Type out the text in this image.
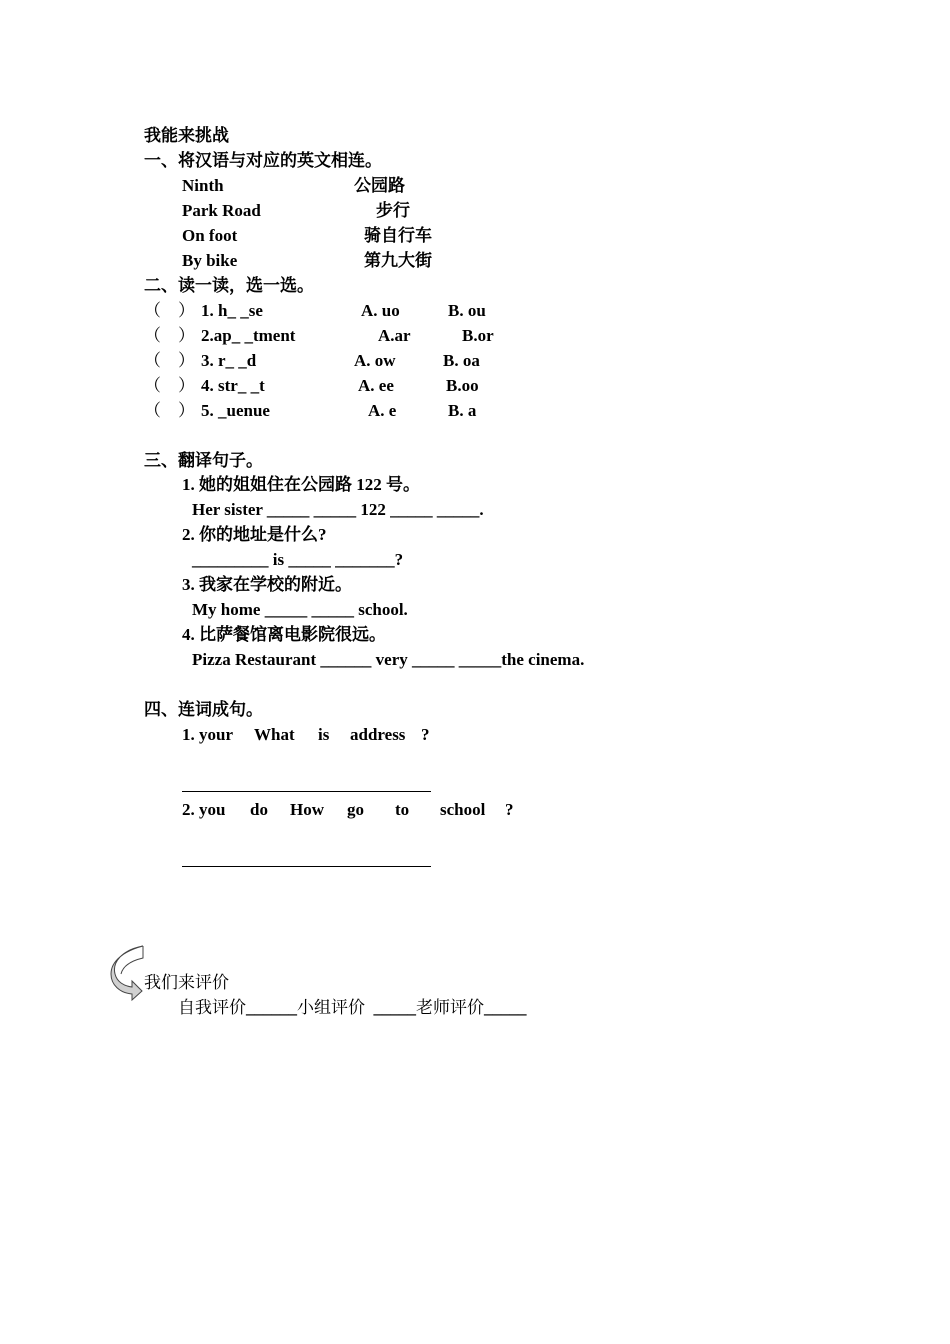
我能来挑战
一、将汉语与对应的英文相连。
Ninth	公园路
Park Road	步行
On foot	骑自行车
By bike	第九大街
二、读一读，选一选。
（    ） 1. h_ _se	A. uo	B. ou
（    ） 2.ap_ _tment	A.ar	B.or
（    ） 3. r_ _d	A. ow	B. oa
（    ） 4. str_ _t	A. ee	B.oo
（    ） 5. _uenue	A. e	B. a
三、翻译句子。
1. 她的姐姐住在公园路 122 号。
Her sister _____ _____ 122 _____ _____.
2. 你的地址是什么?
_________ is _____ _______?
3. 我家在学校的附近。
My home _____ _____ school.
4. 比萨餐馆离电影院很远。
Pizza Restaurant ______ very _____ _____the cinema.
四、连词成句。
1. your What is address ?
2. you do How go to school ?
我们来评价
自我评价______小组评价 _____老师评价_____
